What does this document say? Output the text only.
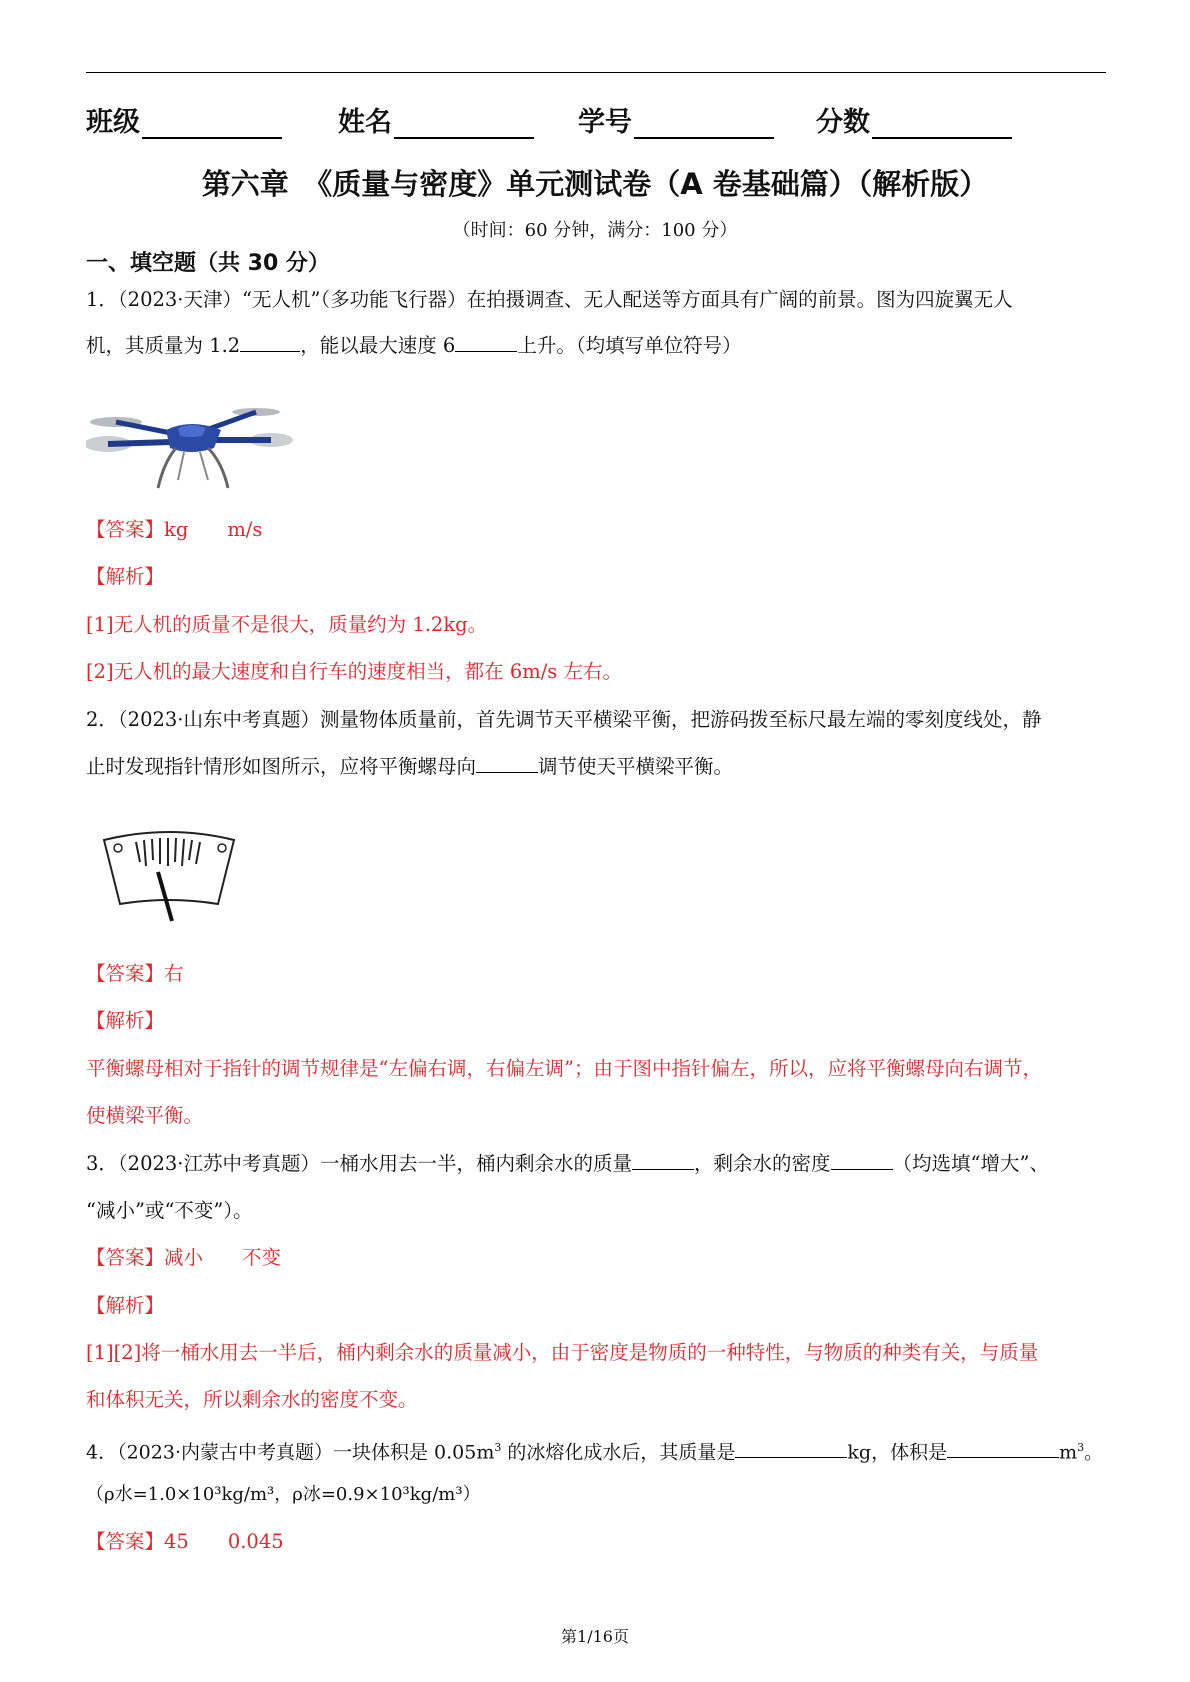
班级	姓名	学号	分数
第六章　《质量与密度》单元测试卷（A 卷基础篇）（解析版）
（时间：60 分钟，满分：100 分）
一、填空题（共 30 分）
1．（2023·天津）“无人机”（多功能飞行器）在拍摄调查、无人配送等方面具有广阔的前景。图为四旋翼无人
机，其质量为 1.2	，能以最大速度 6	上升。（均填写单位符号）
【答案】kg　　m/s
【解析】
[1]无人机的质量不是很大，质量约为 1.2kg。
[2]无人机的最大速度和自行车的速度相当，都在 6m/s 左右。
2．（2023·山东中考真题）测量物体质量前，首先调节天平横梁平衡，把游码拨至标尺最左端的零刻度线处，静
止时发现指针情形如图所示，应将平衡螺母向	调节使天平横梁平衡。
【答案】右
【解析】
平衡螺母相对于指针的调节规律是“左偏右调，右偏左调”；由于图中指针偏左，所以，应将平衡螺母向右调节，
使横梁平衡。
3．（2023·江苏中考真题）一桶水用去一半，桶内剩余水的质量	，剩余水的密度	（均选填“增大”、
“减小”或“不变”）。
【答案】减小　　不变
【解析】
[1][2]将一桶水用去一半后，桶内剩余水的质量减小，由于密度是物质的一种特性，与物质的种类有关，与质量
和体积无关，所以剩余水的密度不变。
4．（2023·内蒙古中考真题）一块体积是 $0.05m^3$ 的冰熔化成水后，其质量是	kg，体积是	$m^3$。
（ρ水=1.0×10³kg/m³，ρ冰=0.9×10³kg/m³）
【答案】45　　0.045
第1/16页
